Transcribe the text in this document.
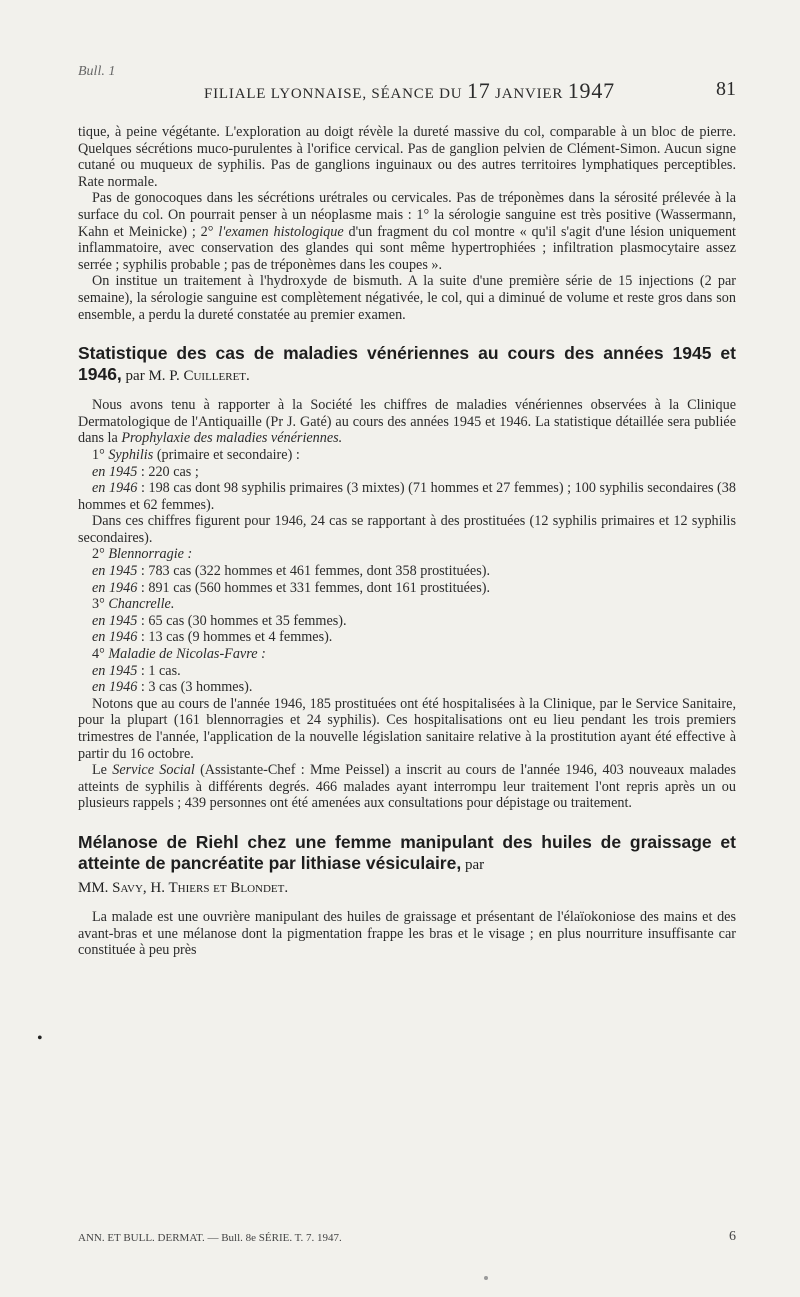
Bull. 1
FILIALE LYONNAISE, SÉANCE DU 17 JANVIER 1947	81

tique, à peine végétante. L'exploration au doigt révèle la dureté massive du col, comparable à un bloc de pierre. Quelques sécrétions muco-purulentes à l'orifice cervical. Pas de ganglion pelvien de Clément-Simon. Aucun signe cutané ou muqueux de syphilis. Pas de ganglions inguinaux ou des autres territoires lymphatiques perceptibles. Rate normale.

Pas de gonocoques dans les sécrétions urétrales ou cervicales. Pas de tréponèmes dans la sérosité prélevée à la surface du col. On pourrait penser à un néoplasme mais : 1° la sérologie sanguine est très positive (Wassermann, Kahn et Meinicke) ; 2° l'examen histologique d'un fragment du col montre « qu'il s'agit d'une lésion uniquement inflammatoire, avec conservation des glandes qui sont même hypertrophiées ; infiltration plasmocytaire assez serrée ; syphilis probable ; pas de tréponèmes dans les coupes ».

On institue un traitement à l'hydroxyde de bismuth. A la suite d'une première série de 15 injections (2 par semaine), la sérologie sanguine est complètement négativée, le col, qui a diminué de volume et reste gros dans son ensemble, a perdu la dureté constatée au premier examen.

Statistique des cas de maladies vénériennes au cours des années 1945 et 1946, par M. P. Cuilleret.

Nous avons tenu à rapporter à la Société les chiffres de maladies vénériennes observées à la Clinique Dermatologique de l'Antiquaille (Pr J. Gaté) au cours des années 1945 et 1946. La statistique détaillée sera publiée dans la Prophylaxie des maladies vénériennes.

1° Syphilis (primaire et secondaire) :

en 1945 : 220 cas ;

en 1946 : 198 cas dont 98 syphilis primaires (3 mixtes) (71 hommes et 27 femmes) ; 100 syphilis secondaires (38 hommes et 62 femmes).

Dans ces chiffres figurent pour 1946, 24 cas se rapportant à des prostituées (12 syphilis primaires et 12 syphilis secondaires).

2° Blennorragie :

en 1945 : 783 cas (322 hommes et 461 femmes, dont 358 prostituées).

en 1946 : 891 cas (560 hommes et 331 femmes, dont 161 prostituées).

3° Chancrelle.

en 1945 : 65 cas (30 hommes et 35 femmes).

en 1946 : 13 cas (9 hommes et 4 femmes).

4° Maladie de Nicolas-Favre :

en 1945 : 1 cas.

en 1946 : 3 cas (3 hommes).

Notons que au cours de l'année 1946, 185 prostituées ont été hospitalisées à la Clinique, par le Service Sanitaire, pour la plupart (161 blennorragies et 24 syphilis). Ces hospitalisations ont eu lieu pendant les trois premiers trimestres de l'année, l'application de la nouvelle législation sanitaire relative à la prostitution ayant été effective à partir du 16 octobre.

Le Service Social (Assistante-Chef : Mme Peissel) a inscrit au cours de l'année 1946, 403 nouveaux malades atteints de syphilis à différents degrés. 466 malades ayant interrompu leur traitement l'ont repris après un ou plusieurs rappels ; 439 personnes ont été amenées aux consultations pour dépistage ou traitement.

Mélanose de Riehl chez une femme manipulant des huiles de graissage et atteinte de pancréatite par lithiase vésiculaire, par
MM. Savy, H. Thiers et Blondet.

La malade est une ouvrière manipulant des huiles de graissage et présentant de l'élaïokoniose des mains et des avant-bras et une mélanose dont la pigmentation frappe les bras et le visage ; en plus nourriture insuffisante car constituée à peu près

•
ANN. ET BULL. DERMAT. — Bull. 8e SÉRIE. T. 7. 1947.	6
